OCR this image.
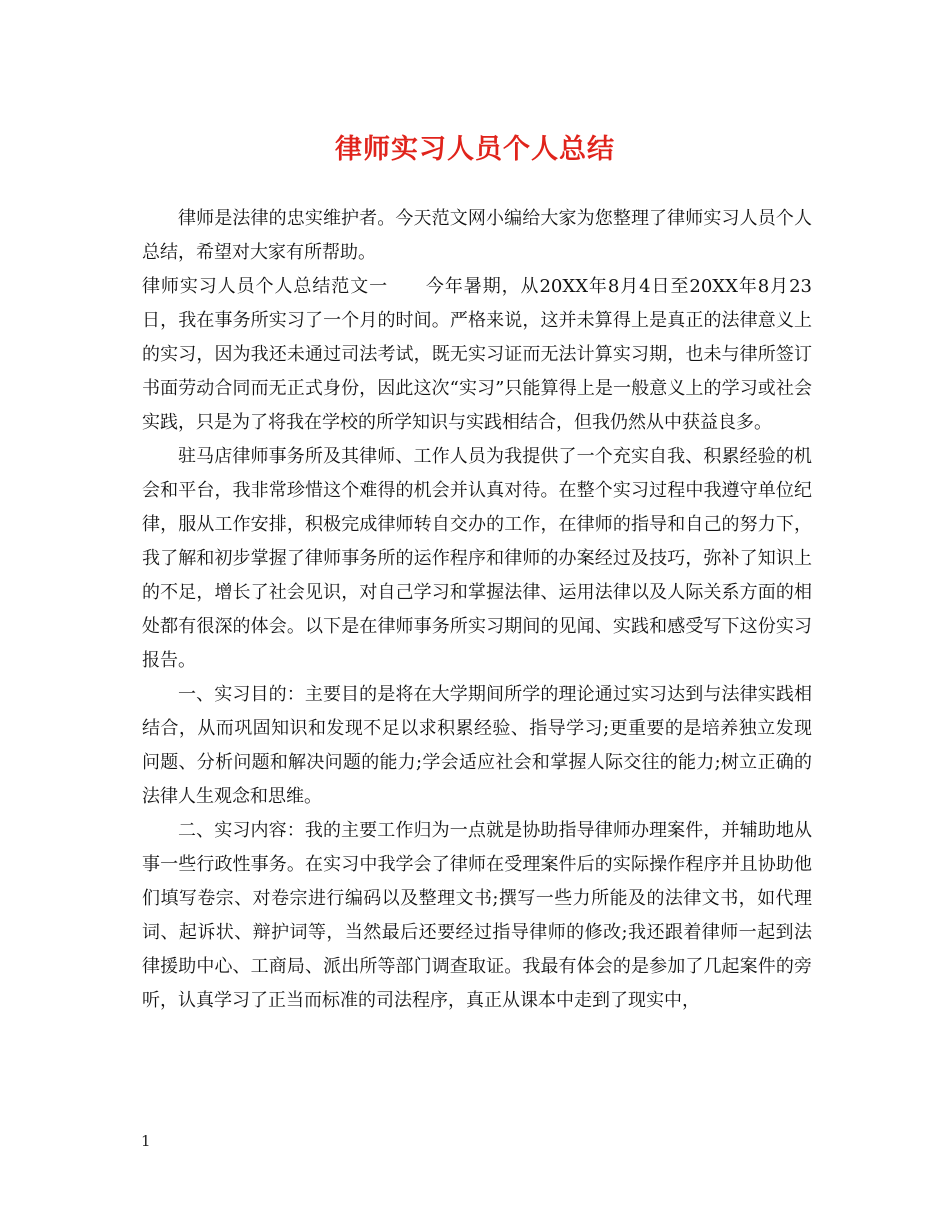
律师实习人员个人总结

律师是法律的忠实维护者。今天范文网小编给大家为您整理了律师实习人员个人总结，希望对大家有所帮助。

律师实习人员个人总结范文一　　今年暑期，从20XX年8月4日至20XX年8月23日，我在事务所实习了一个月的时间。严格来说，这并未算得上是真正的法律意义上的实习，因为我还未通过司法考试，既无实习证而无法计算实习期，也未与律所签订书面劳动合同而无正式身份，因此这次“实习”只能算得上是一般意义上的学习或社会实践，只是为了将我在学校的所学知识与实践相结合，但我仍然从中获益良多。

驻马店律师事务所及其律师、工作人员为我提供了一个充实自我、积累经验的机会和平台，我非常珍惜这个难得的机会并认真对待。在整个实习过程中我遵守单位纪律，服从工作安排，积极完成律师转自交办的工作，在律师的指导和自己的努力下，我了解和初步掌握了律师事务所的运作程序和律师的办案经过及技巧，弥补了知识上的不足，增长了社会见识，对自己学习和掌握法律、运用法律以及人际关系方面的相处都有很深的体会。以下是在律师事务所实习期间的见闻、实践和感受写下这份实习报告。

一、实习目的：主要目的是将在大学期间所学的理论通过实习达到与法律实践相结合，从而巩固知识和发现不足以求积累经验、指导学习;更重要的是培养独立发现问题、分析问题和解决问题的能力;学会适应社会和掌握人际交往的能力;树立正确的法律人生观念和思维。

二、实习内容：我的主要工作归为一点就是协助指导律师办理案件，并辅助地从事一些行政性事务。在实习中我学会了律师在受理案件后的实际操作程序并且协助他们填写卷宗、对卷宗进行编码以及整理文书;撰写一些力所能及的法律文书，如代理词、起诉状、辩护词等，当然最后还要经过指导律师的修改;我还跟着律师一起到法律援助中心、工商局、派出所等部门调查取证。我最有体会的是参加了几起案件的旁听，认真学习了正当而标准的司法程序，真正从课本中走到了现实中，

1
